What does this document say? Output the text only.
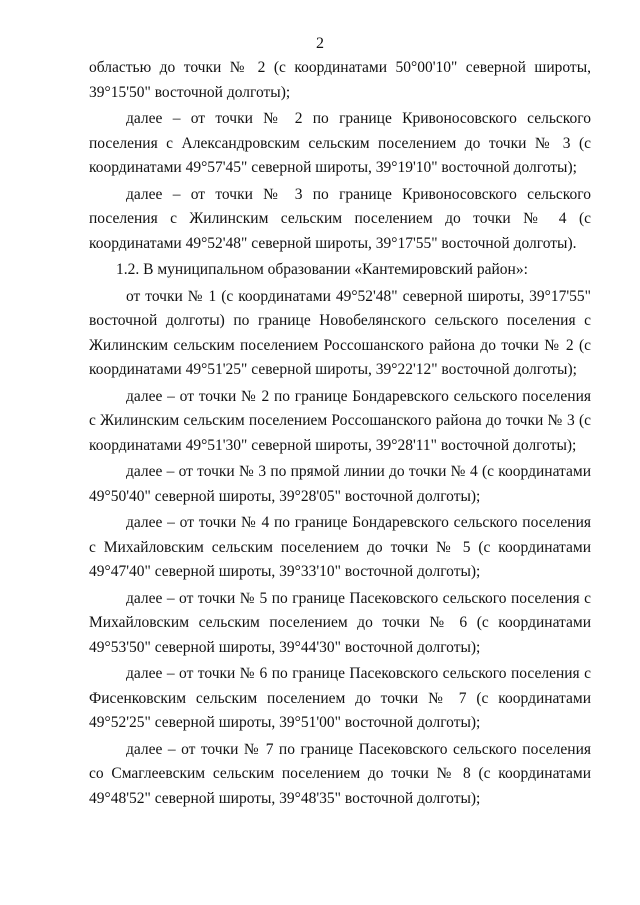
2

областью до точки № 2 (с координатами 50°00'10" северной широты, 39°15'50" восточной долготы);

далее – от точки № 2 по границе Кривоносовского сельского поселения с Александровским сельским поселением до точки № 3 (с координатами 49°57'45" северной широты, 39°19'10" восточной долготы);

далее – от точки № 3 по границе Кривоносовского сельского поселения с Жилинским сельским поселением до точки № 4 (с координатами 49°52'48" северной широты, 39°17'55" восточной долготы).

1.2. В муниципальном образовании «Кантемировский район»:

от точки № 1 (с координатами 49°52'48" северной широты, 39°17'55" восточной долготы) по границе Новобелянского сельского поселения с Жилинским сельским поселением Россошанского района до точки № 2 (с координатами 49°51'25" северной широты, 39°22'12" восточной долготы);

далее – от точки № 2 по границе Бондаревского сельского поселения с Жилинским сельским поселением Россошанского района до точки № 3 (с координатами 49°51'30" северной широты, 39°28'11" восточной долготы);

далее – от точки № 3 по прямой линии до точки № 4 (с координатами 49°50'40" северной широты, 39°28'05" восточной долготы);

далее – от точки № 4 по границе Бондаревского сельского поселения с Михайловским сельским поселением до точки № 5 (с координатами 49°47'40" северной широты, 39°33'10" восточной долготы);

далее – от точки № 5 по границе Пасековского сельского поселения с Михайловским сельским поселением до точки № 6 (с координатами 49°53'50" северной широты, 39°44'30" восточной долготы);

далее – от точки № 6 по границе Пасековского сельского поселения с Фисенковским сельским поселением до точки № 7 (с координатами 49°52'25" северной широты, 39°51'00" восточной долготы);

далее – от точки № 7 по границе Пасековского сельского поселения со Смаглеевским сельским поселением до точки № 8 (с координатами 49°48'52" северной широты, 39°48'35" восточной долготы);
